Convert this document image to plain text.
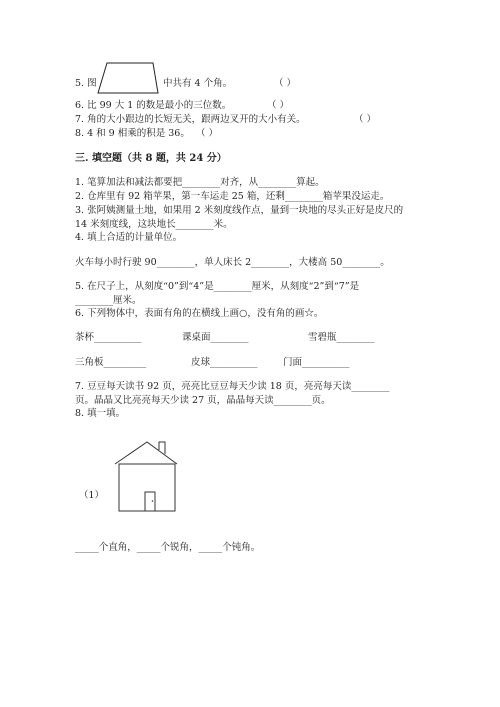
5. 图	中共有 4 个角。	（ ）
6. 比 99 大 1 的数是最小的三位数。	（ ）
7. 角的大小跟边的长短无关，跟两边叉开的大小有关。	（ ）
8. 4 和 9 相乘的积是 36。 （ ）
三. 填空题（共 8 题，共 24 分）
1. 笔算加法和减法都要把________对齐，从________算起。
2. 仓库里有 92 箱苹果，第一车运走 25 箱，还剩________箱苹果没运走。
3. 张阿姨测量土地，如果用 2 米刻度线作点，量到一块地的尽头正好是皮尺的
14 米刻度线，这块地长________米。
4. 填上合适的计量单位。
火车每小时行驶 90________，单人床长 2________，大楼高 50________。
5. 在尺子上，从刻度“0”到“4”是________厘米，从刻度“2”到“7”是
________厘米。
6. 下列物体中，表面有角的在横线上画○，没有角的画☆。
茶杯__________	课桌面________	雪碧瓶________
三角板_________	皮球__________	门面__________
7. 豆豆每天读书 92 页，亮亮比豆豆每天少读 18 页，亮亮每天读________
页。晶晶又比亮亮每天少读 27 页，晶晶每天读________页。
8. 填一填。
（1）
_____个直角，_____个锐角，_____个钝角。
